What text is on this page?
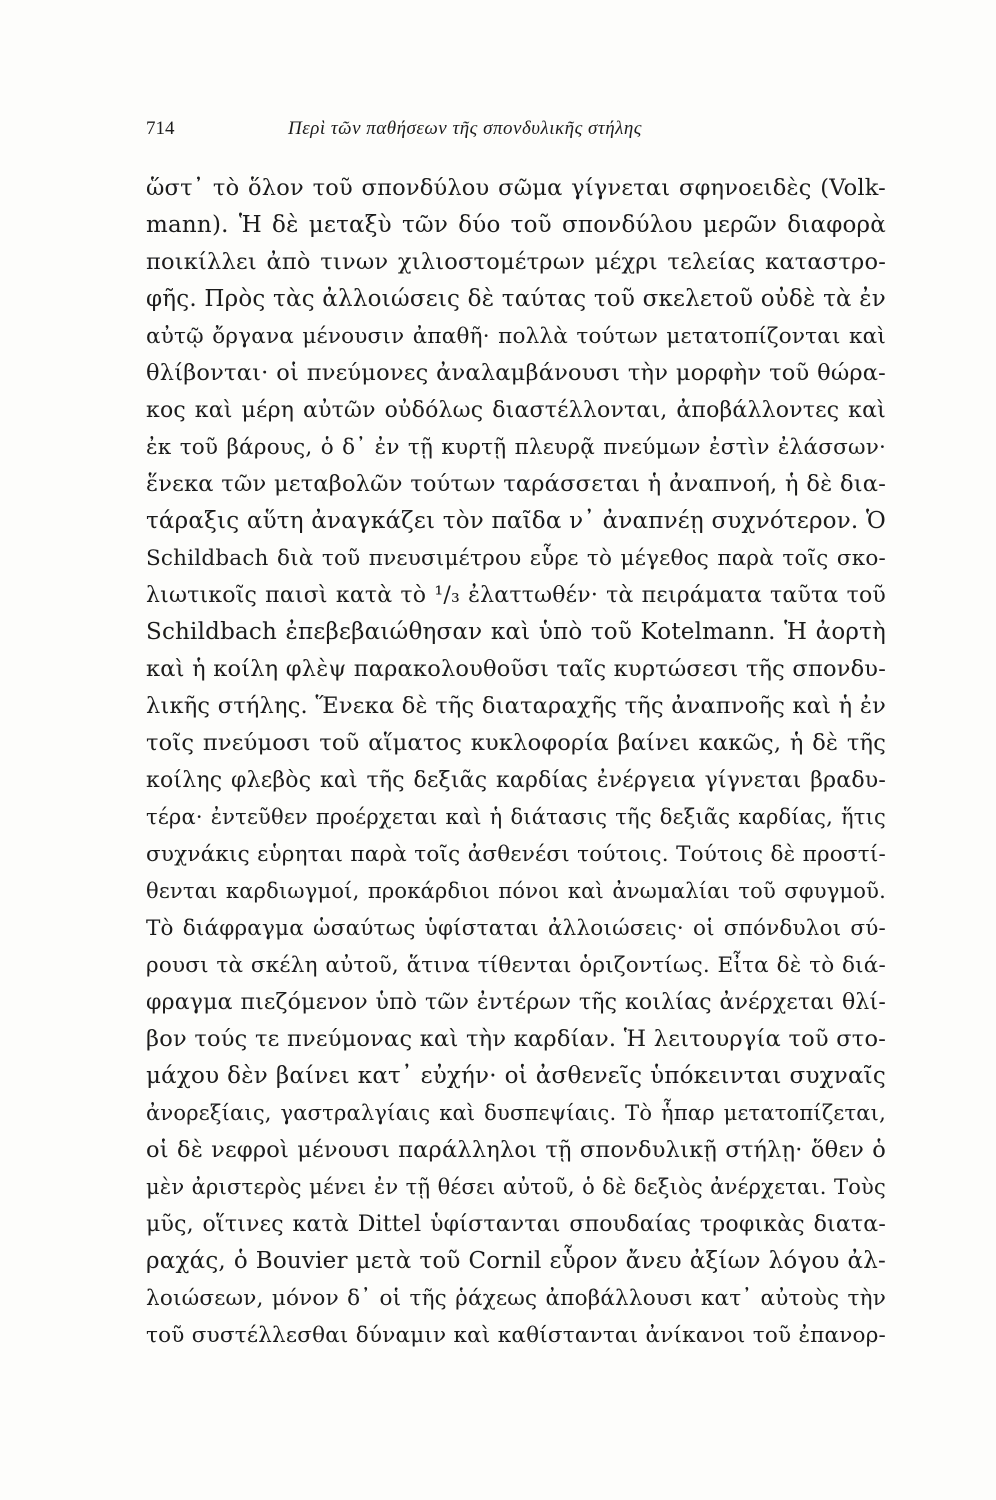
714	Περὶ τῶν παθήσεων τῆς σπονδυλικῆς στήλης
ὥστ᾽ τὸ ὅλον τοῦ σπονδύλου σῶμα γίγνεται σφηνοειδὲς (Volk-
mann). Ἡ δὲ μεταξὺ τῶν δύο τοῦ σπονδύλου μερῶν διαφορὰ
ποικίλλει ἀπὸ τινων χιλιοστομέτρων μέχρι τελείας καταστρο-
φῆς. Πρὸς τὰς ἀλλοιώσεις δὲ ταύτας τοῦ σκελετοῦ οὐδὲ τὰ ἐν
αὐτῷ ὄργανα μένουσιν ἀπαθῆ· πολλὰ τούτων μετατοπίζονται καὶ
θλίβονται· οἱ πνεύμονες ἀναλαμβάνουσι τὴν μορφὴν τοῦ θώρα-
κος καὶ μέρη αὐτῶν οὐδόλως διαστέλλονται, ἀποβάλλοντες καὶ
ἐκ τοῦ βάρους, ὁ δ᾽ ἐν τῇ κυρτῇ πλευρᾷ πνεύμων ἐστὶν ἐλάσσων·
ἕνεκα τῶν μεταβολῶν τούτων ταράσσεται ἡ ἀναπνοή, ἡ δὲ δια-
τάραξις αὕτη ἀναγκάζει τὸν παῖδα ν᾽ ἀναπνέῃ συχνότερον. Ὁ
Schildbach διὰ τοῦ πνευσιμέτρου εὗρε τὸ μέγεθος παρὰ τοῖς σκο-
λιωτικοῖς παισὶ κατὰ τὸ ¹/₃ ἐλαττωθέν· τὰ πειράματα ταῦτα τοῦ
Schildbach ἐπεβεβαιώθησαν καὶ ὑπὸ τοῦ Kotelmann. Ἡ ἀορτὴ
καὶ ἡ κοίλη φλὲψ παρακολουθοῦσι ταῖς κυρτώσεσι τῆς σπονδυ-
λικῆς στήλης. Ἕνεκα δὲ τῆς διαταραχῆς τῆς ἀναπνοῆς καὶ ἡ ἐν
τοῖς πνεύμοσι τοῦ αἵματος κυκλοφορία βαίνει κακῶς, ἡ δὲ τῆς
κοίλης φλεβὸς καὶ τῆς δεξιᾶς καρδίας ἐνέργεια γίγνεται βραδυ-
τέρα· ἐντεῦθεν προέρχεται καὶ ἡ διάτασις τῆς δεξιᾶς καρδίας, ἥτις
συχνάκις εὑρηται παρὰ τοῖς ἀσθενέσι τούτοις. Τούτοις δὲ προστί-
θενται καρδιωγμοί, προκάρδιοι πόνοι καὶ ἀνωμαλίαι τοῦ σφυγμοῦ.
Τὸ διάφραγμα ὡσαύτως ὑφίσταται ἀλλοιώσεις· οἱ σπόνδυλοι σύ-
ρουσι τὰ σκέλη αὐτοῦ, ἅτινα τίθενται ὁριζοντίως. Εἶτα δὲ τὸ διά-
φραγμα πιεζόμενον ὑπὸ τῶν ἐντέρων τῆς κοιλίας ἀνέρχεται θλί-
βον τούς τε πνεύμονας καὶ τὴν καρδίαν. Ἡ λειτουργία τοῦ στο-
μάχου δὲν βαίνει κατ᾽ εὐχήν· οἱ ἀσθενεῖς ὑπόκεινται συχναῖς
ἀνορεξίαις, γαστραλγίαις καὶ δυσπεψίαις. Τὸ ἧπαρ μετατοπίζεται,
οἱ δὲ νεφροὶ μένουσι παράλληλοι τῇ σπονδυλικῇ στήλῃ· ὅθεν ὁ
μὲν ἀριστερὸς μένει ἐν τῇ θέσει αὐτοῦ, ὁ δὲ δεξιὸς ἀνέρχεται. Τοὺς
μῦς, οἵτινες κατὰ Dittel ὑφίστανται σπουδαίας τροφικὰς διατα-
ραχάς, ὁ Bouvier μετὰ τοῦ Cornil εὗρον ἄνευ ἀξίων λόγου ἀλ-
λοιώσεων, μόνον δ᾽ οἱ τῆς ῥάχεως ἀποβάλλουσι κατ᾽ αὐτοὺς τὴν
τοῦ συστέλλεσθαι δύναμιν καὶ καθίστανται ἀνίκανοι τοῦ ἐπανορ-
